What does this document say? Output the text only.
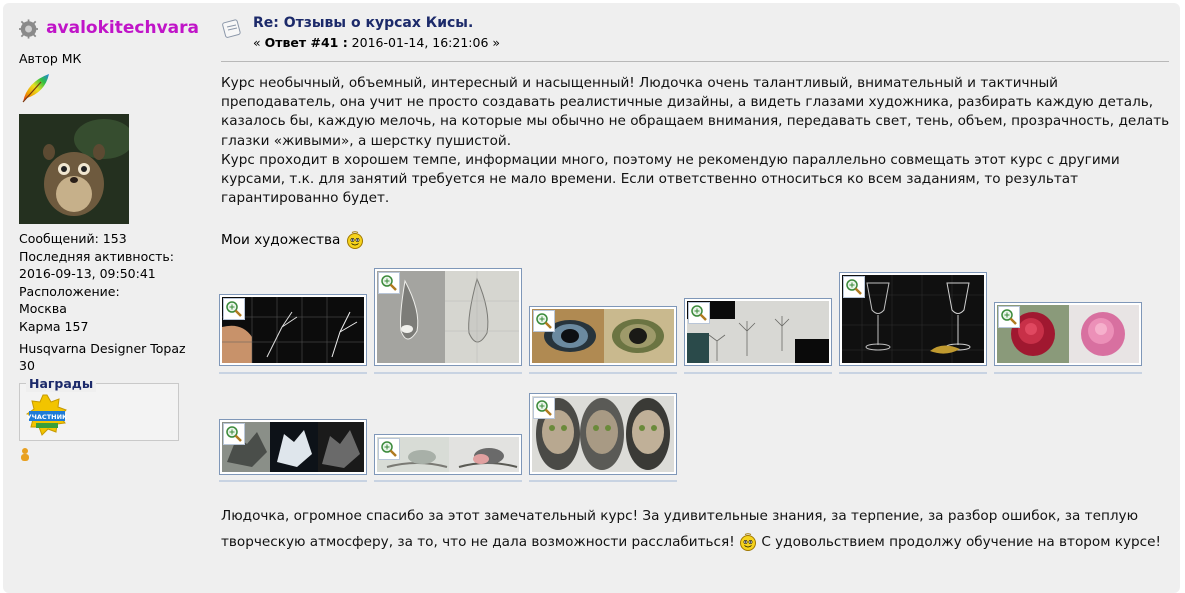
avalokitechvara
Автор МК
Сообщений: 153
Последняя активность:
2016-09-13, 09:50:41
Расположение:
Москва
Карма 157
Husqvarna Designer Topaz
30
Награды
УЧАСТНИК
Re: Отзывы о курсах Кисы.
« Ответ #41 : 2016-01-14, 16:21:06 »
Курс необычный, объемный, интересный и насыщенный! Людочка очень талантливый, внимательный и тактичный преподаватель, она учит не просто создавать реалистичные дизайны, а видеть глазами художника, разбирать каждую деталь, казалось бы, каждую мелочь, на которые мы обычно не обращаем внимания, передавать свет, тень, объем, прозрачность, делать глазки «живыми», а шерстку пушистой.
Курс проходит в хорошем темпе, информации много, поэтому не рекомендую параллельно совмещать этот курс с другими курсами, т.к. для занятий требуется не мало времени. Если ответственно относиться ко всем заданиям, то результат гарантированно будет.
Мои художества
Людочка, огромное спасибо за этот замечательный курс! За удивительные знания, за терпение, за разбор ошибок, за теплую творческую атмосферу, за то, что не дала возможности расслабиться!  С удовольствием продолжу обучение на втором курсе!
